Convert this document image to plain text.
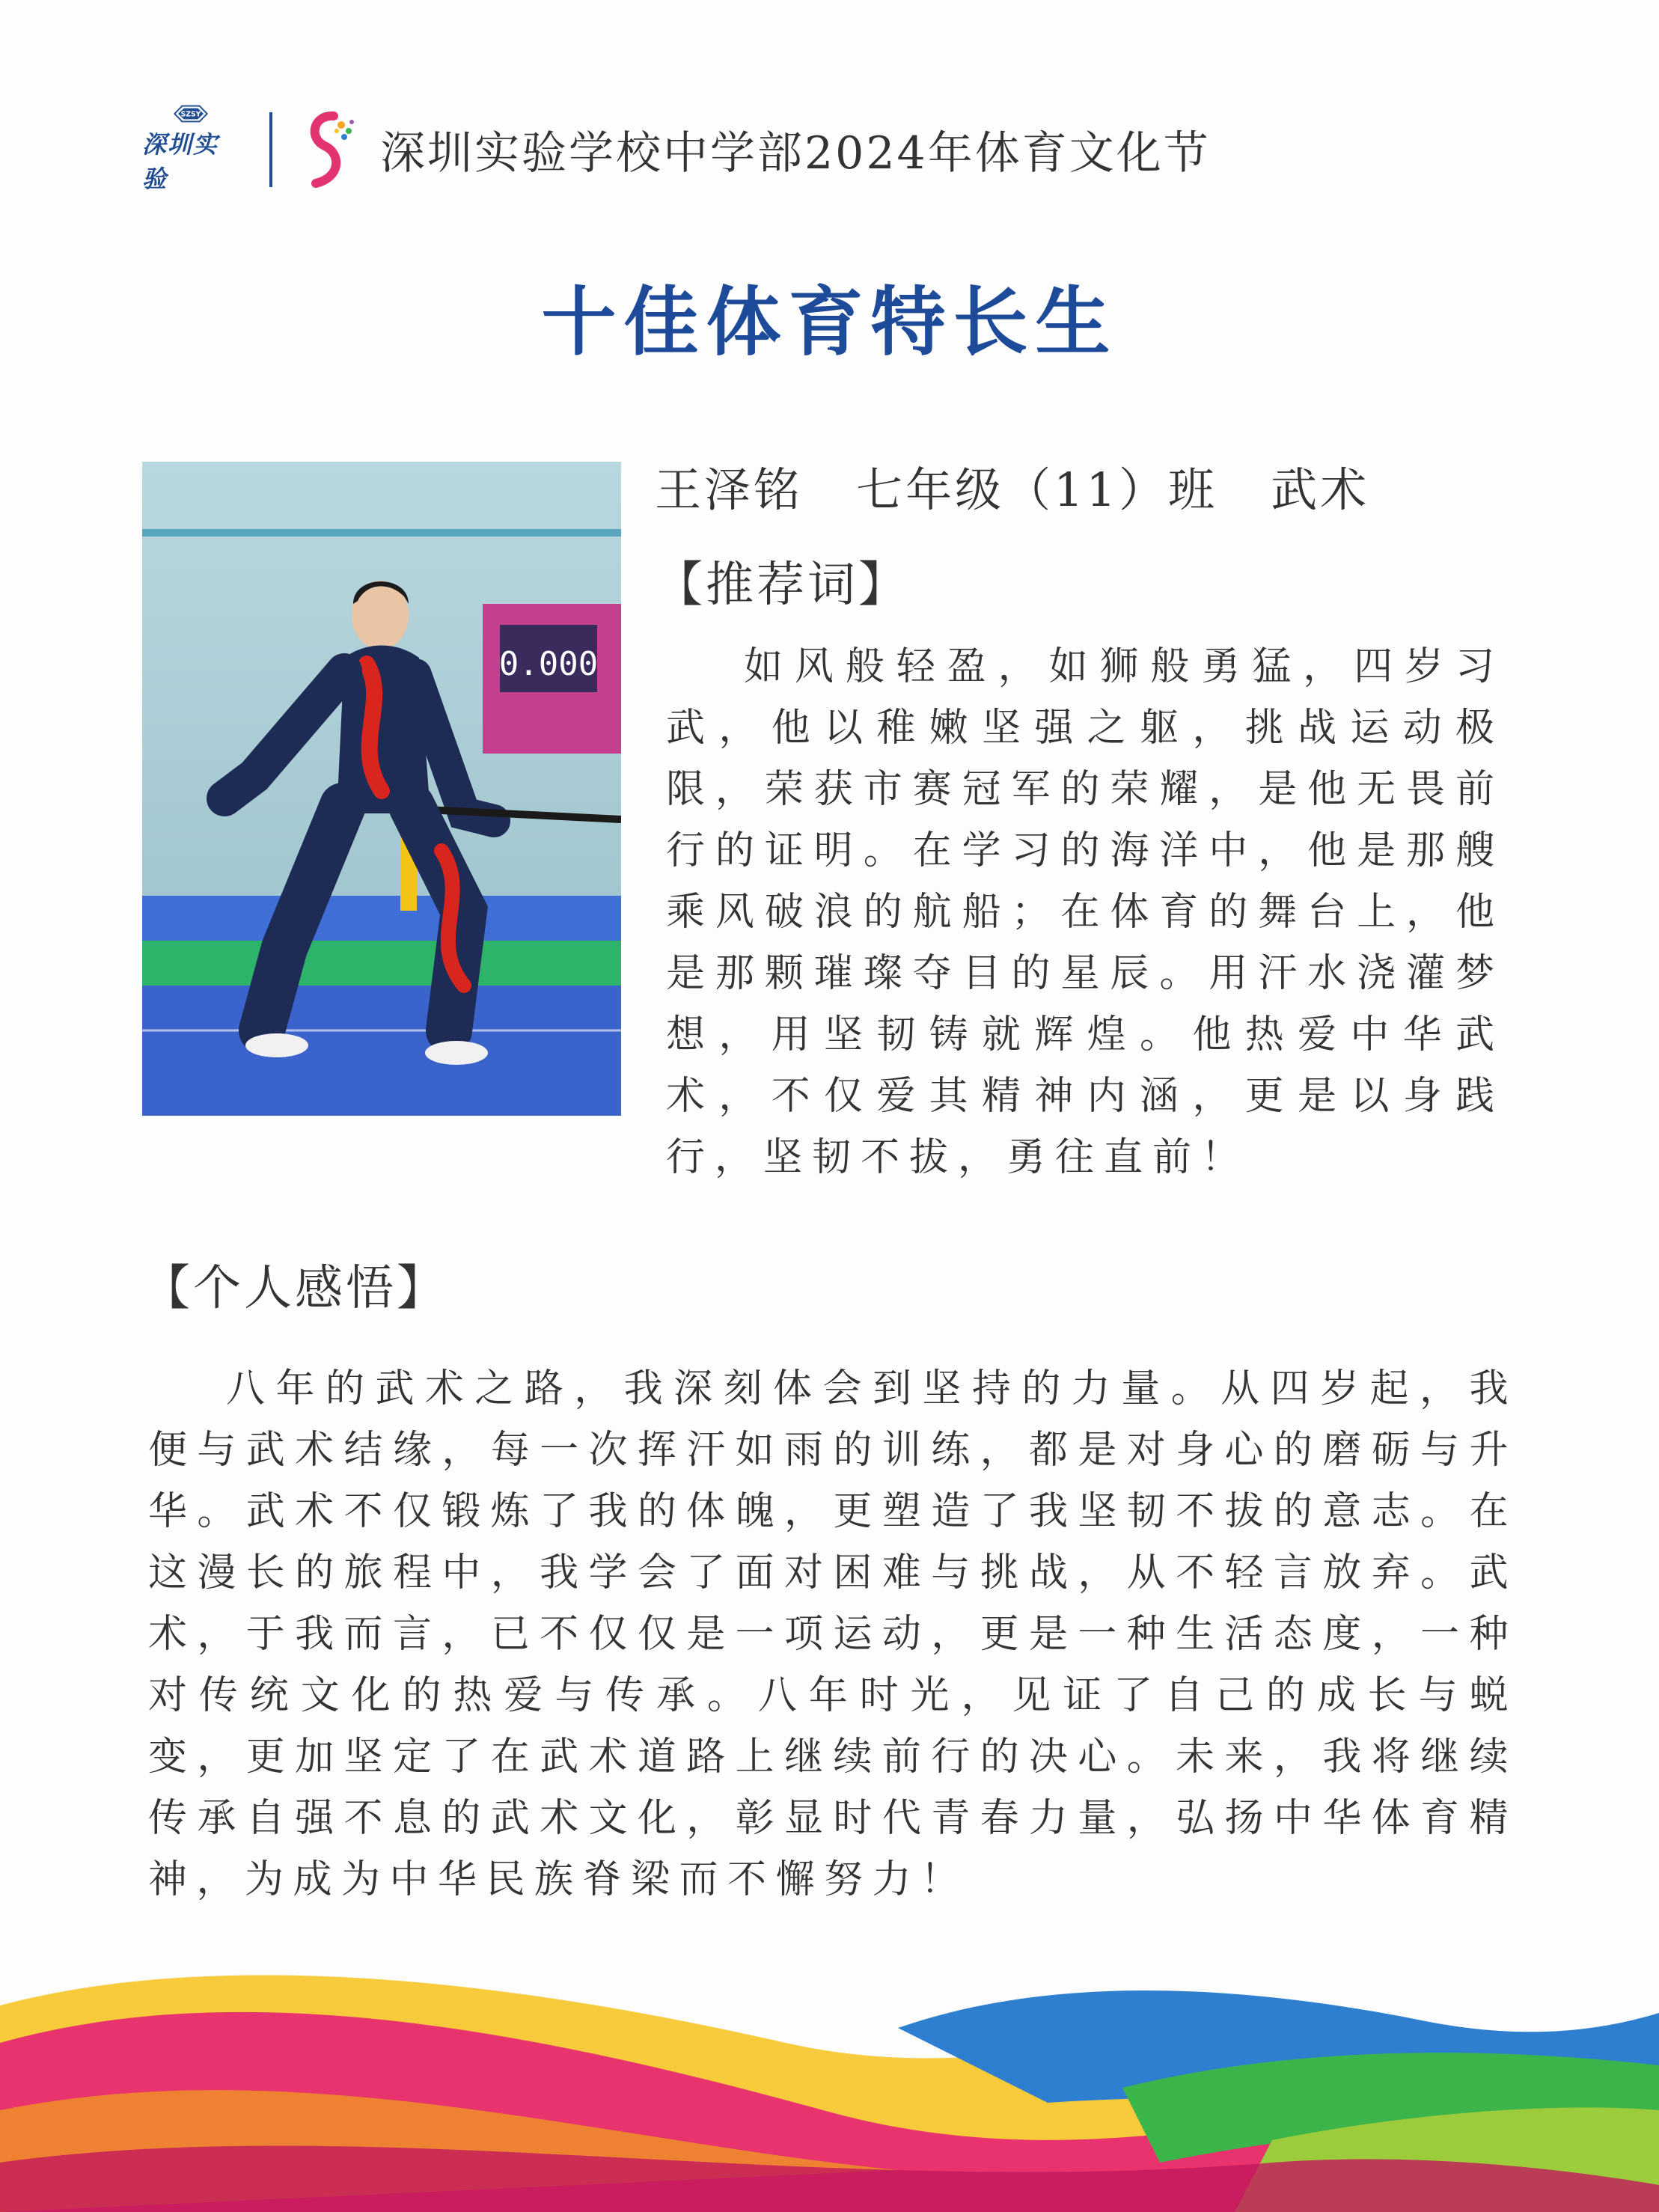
SZSY
深圳实验	深圳实验学校中学部2024年体育文化节
十佳体育特长生
0.000
王泽铭   七年级（11）班   武术
【推荐词】
如风般轻盈，如狮般勇猛，四岁习武，他以稚嫩坚强之躯，挑战运动极限，荣获市赛冠军的荣耀，是他无畏前行的证明。在学习的海洋中，他是那艘乘风破浪的航船；在体育的舞台上，他是那颗璀璨夺目的星辰。用汗水浇灌梦想，用坚韧铸就辉煌。他热爱中华武术，不仅爱其精神内涵，更是以身践行，坚韧不拔，勇往直前！
【个人感悟】
八年的武术之路，我深刻体会到坚持的力量。从四岁起，我便与武术结缘，每一次挥汗如雨的训练，都是对身心的磨砺与升华。武术不仅锻炼了我的体魄，更塑造了我坚韧不拔的意志。在这漫长的旅程中，我学会了面对困难与挑战，从不轻言放弃。武术，于我而言，已不仅仅是一项运动，更是一种生活态度，一种对传统文化的热爱与传承。八年时光，见证了自己的成长与蜕变，更加坚定了在武术道路上继续前行的决心。未来，我将继续传承自强不息的武术文化，彰显时代青春力量，弘扬中华体育精神，为成为中华民族脊梁而不懈努力！
